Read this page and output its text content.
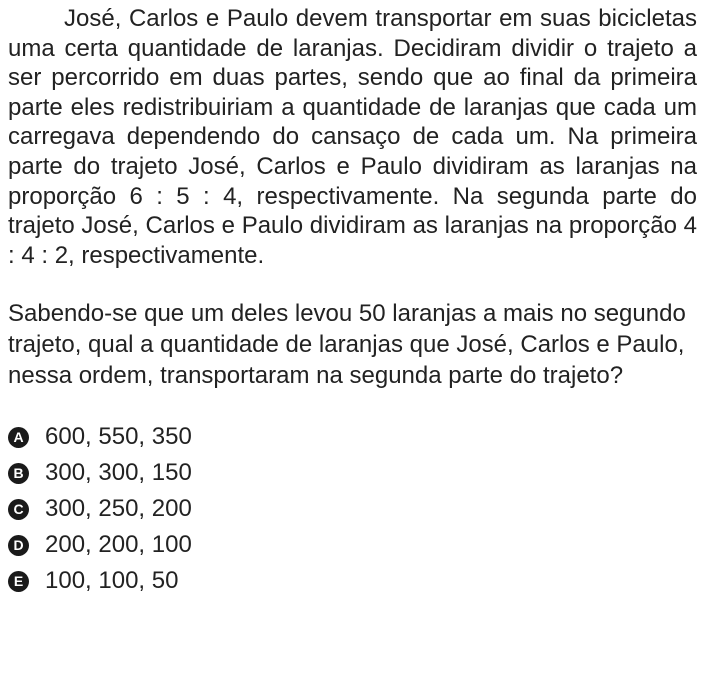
José, Carlos e Paulo devem transportar em suas bicicletas uma certa quantidade de laranjas. Decidiram dividir o trajeto a ser percorrido em duas partes, sendo que ao final da primeira parte eles redistribuiriam a quantidade de laranjas que cada um carregava dependendo do cansaço de cada um. Na primeira parte do trajeto José, Carlos e Paulo dividiram as laranjas na proporção 6 : 5 : 4, respectivamente. Na segunda parte do trajeto José, Carlos e Paulo dividiram as laranjas na proporção 4 : 4 : 2, respectivamente.

Sabendo-se que um deles levou 50 laranjas a mais no segundo trajeto, qual a quantidade de laranjas que José, Carlos e Paulo, nessa ordem, transportaram na segunda parte do trajeto?

A 600, 550, 350
B 300, 300, 150
C 300, 250, 200
D 200, 200, 100
E 100, 100, 50
